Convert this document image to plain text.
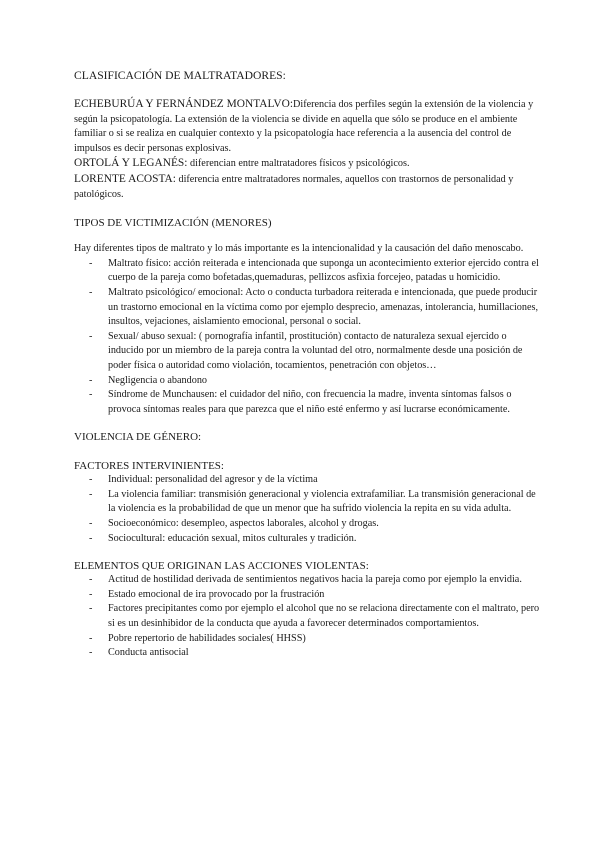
CLASIFICACIÓN DE MALTRATADORES:

ECHEBURÚA Y FERNÁNDEZ MONTALVO:Diferencia dos perfiles según la extensión de la violencia y según la psicopatología. La extensión de la violencia se divide en aquella que sólo se produce en el ambiente familiar o si se realiza en cualquier contexto y la psicopatología hace referencia a la ausencia del control de impulsos es decir personas explosivas.

ORTOLÁ Y LEGANÉS: diferencian entre maltratadores físicos y psicológicos.

LORENTE ACOSTA: diferencia entre maltratadores normales, aquellos con trastornos de personalidad y patológicos.

TIPOS DE VICTIMIZACIÓN (MENORES)

Hay diferentes tipos de maltrato y lo más importante es la intencionalidad y la causación del daño menoscabo.

- Maltrato físico: acción reiterada e intencionada que suponga un acontecimiento exterior ejercido contra el cuerpo de la pareja como bofetadas,quemaduras, pellizcos asfixia forcejeo, patadas u homicidio.
- Maltrato psicológico/ emocional: Acto o conducta turbadora reiterada e intencionada, que puede producir un trastorno emocional en la víctima como por ejemplo desprecio, amenazas, intolerancia, humillaciones, insultos, vejaciones, aislamiento emocional, personal o social.
- Sexual/ abuso sexual: ( pornografía infantil, prostitución) contacto de naturaleza sexual ejercido o inducido por un miembro de la pareja contra la voluntad del otro, normalmente desde una posición de poder física o autoridad como violación, tocamientos, penetración con objetos…
- Negligencia o abandono
- Síndrome de Munchausen: el cuidador del niño, con frecuencia la madre, inventa síntomas falsos o provoca síntomas reales para que parezca que el niño esté enfermo y así lucrarse económicamente.

VIOLENCIA DE GÉNERO:

FACTORES INTERVINIENTES:

- Individual: personalidad del agresor y de la víctima
- La violencia familiar: transmisión generacional y violencia extrafamiliar. La transmisión generacional de la violencia es la probabilidad de que un menor que ha sufrido violencia la repita en su vida adulta.
- Socioeconómico: desempleo, aspectos laborales, alcohol y drogas.
- Sociocultural: educación sexual, mitos culturales y tradición.

ELEMENTOS QUE ORIGINAN LAS ACCIONES VIOLENTAS:

- Actitud de hostilidad derivada de sentimientos negativos hacia la pareja como por ejemplo la envidia.
- Estado emocional de ira provocado por la frustración
- Factores precipitantes como por ejemplo el alcohol que no se relaciona directamente con el maltrato, pero si es un desinhibidor de la conducta que ayuda a favorecer determinados comportamientos.
- Pobre repertorio de habilidades sociales( HHSS)
- Conducta antisocial
